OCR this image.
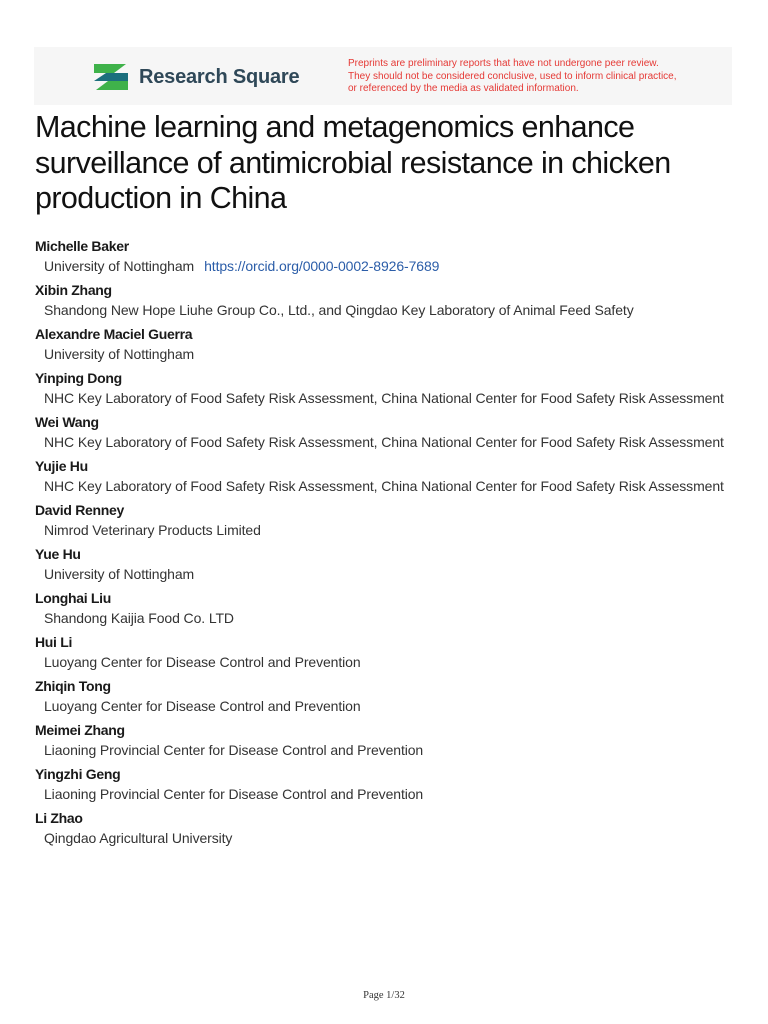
Research Square
Preprints are preliminary reports that have not undergone peer review.
They should not be considered conclusive, used to inform clinical practice,
or referenced by the media as validated information.
Machine learning and metagenomics enhance surveillance of antimicrobial resistance in chicken production in China
Michelle Baker
University of Nottingham https://orcid.org/0000-0002-8926-7689
Xibin Zhang
Shandong New Hope Liuhe Group Co., Ltd., and Qingdao Key Laboratory of Animal Feed Safety
Alexandre Maciel Guerra
University of Nottingham
Yinping Dong
NHC Key Laboratory of Food Safety Risk Assessment, China National Center for Food Safety Risk Assessment
Wei Wang
NHC Key Laboratory of Food Safety Risk Assessment, China National Center for Food Safety Risk Assessment
Yujie Hu
NHC Key Laboratory of Food Safety Risk Assessment, China National Center for Food Safety Risk Assessment
David Renney
Nimrod Veterinary Products Limited
Yue Hu
University of Nottingham
Longhai Liu
Shandong Kaijia Food Co. LTD
Hui Li
Luoyang Center for Disease Control and Prevention
Zhiqin Tong
Luoyang Center for Disease Control and Prevention
Meimei Zhang
Liaoning Provincial Center for Disease Control and Prevention
Yingzhi Geng
Liaoning Provincial Center for Disease Control and Prevention
Li Zhao
Qingdao Agricultural University
Page 1/32
